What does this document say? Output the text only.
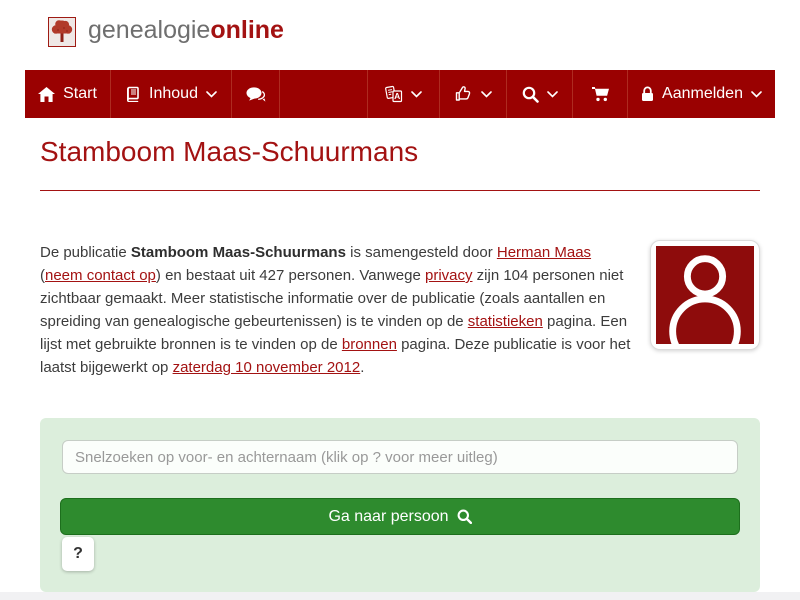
genealogieonline
Start	Inhoud	A	Aanmelden
Stamboom Maas-Schuurmans
De publicatie Stamboom Maas-Schuurmans is samengesteld door Herman Maas (neem contact op) en bestaat uit 427 personen. Vanwege privacy zijn 104 personen niet zichtbaar gemaakt. Meer statistische informatie over de publicatie (zoals aantallen en spreiding van genealogische gebeurtenissen) is te vinden op de statistieken pagina. Een lijst met gebruikte bronnen is te vinden op de bronnen pagina. Deze publicatie is voor het laatst bijgewerkt op zaterdag 10 november 2012.
Snelzoeken op voor- en achternaam (klik op ? voor meer uitleg)
Ga naar persoon
?
